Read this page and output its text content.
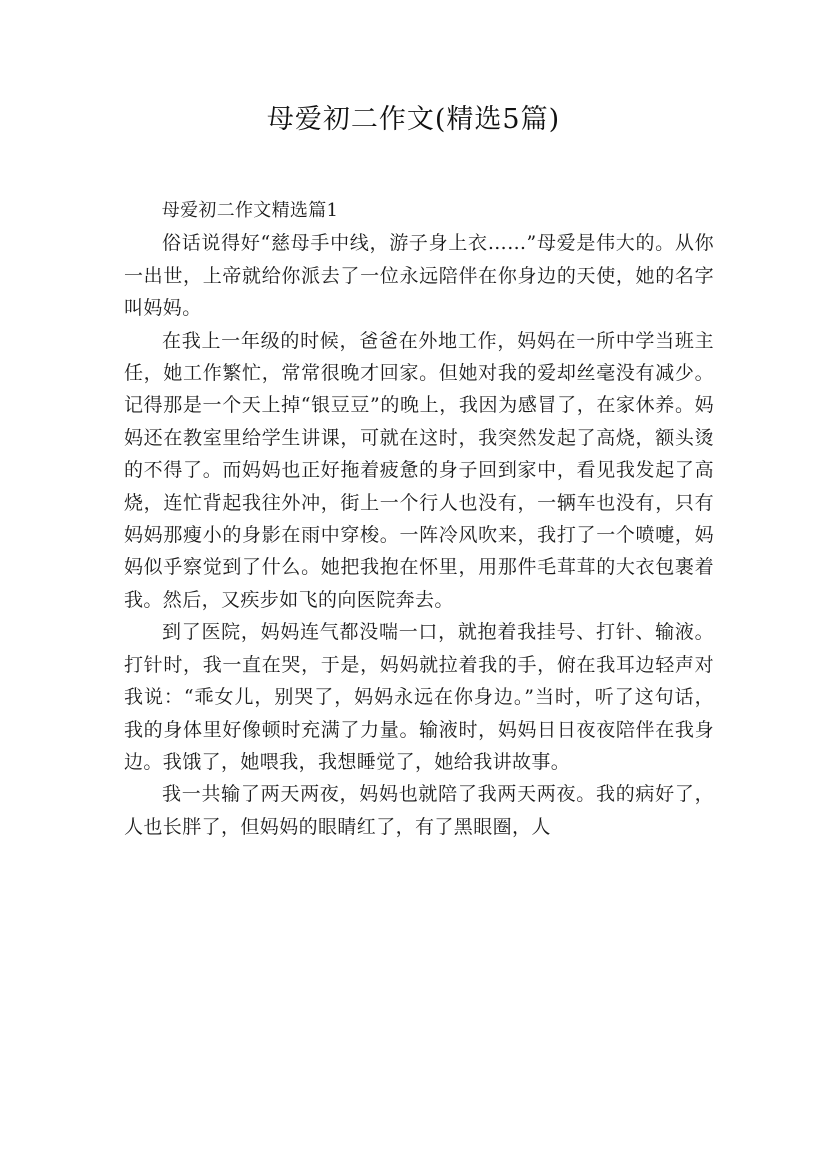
母爱初二作文(精选5篇)

母爱初二作文精选篇1

俗话说得好“慈母手中线，游子身上衣……”母爱是伟大的。从你一出世，上帝就给你派去了一位永远陪伴在你身边的天使，她的名字叫妈妈。

在我上一年级的时候，爸爸在外地工作，妈妈在一所中学当班主任，她工作繁忙，常常很晚才回家。但她对我的爱却丝毫没有减少。记得那是一个天上掉“银豆豆”的晚上，我因为感冒了，在家休养。妈妈还在教室里给学生讲课，可就在这时，我突然发起了高烧，额头烫的不得了。而妈妈也正好拖着疲惫的身子回到家中，看见我发起了高烧，连忙背起我往外冲，街上一个行人也没有，一辆车也没有，只有妈妈那瘦小的身影在雨中穿梭。一阵冷风吹来，我打了一个喷嚏，妈妈似乎察觉到了什么。她把我抱在怀里，用那件毛茸茸的大衣包裹着我。然后，又疾步如飞的向医院奔去。

到了医院，妈妈连气都没喘一口，就抱着我挂号、打针、输液。打针时，我一直在哭，于是，妈妈就拉着我的手，俯在我耳边轻声对我说：“乖女儿，别哭了，妈妈永远在你身边。”当时，听了这句话，我的身体里好像顿时充满了力量。输液时，妈妈日日夜夜陪伴在我身边。我饿了，她喂我，我想睡觉了，她给我讲故事。

我一共输了两天两夜，妈妈也就陪了我两天两夜。我的病好了，人也长胖了，但妈妈的眼睛红了，有了黑眼圈，人
